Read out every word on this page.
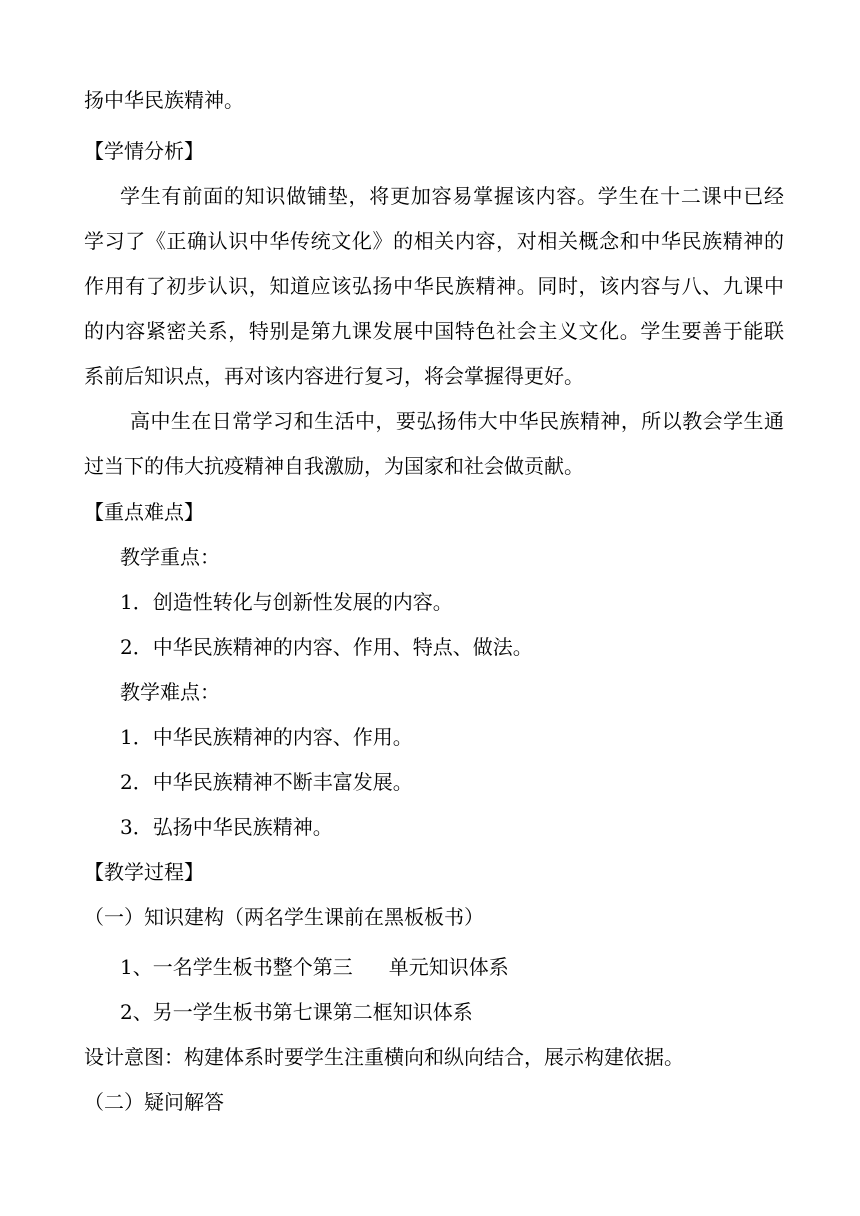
扬中华民族精神。
【学情分析】
学生有前面的知识做铺垫，将更加容易掌握该内容。学生在十二课中已经
学习了《正确认识中华传统文化》的相关内容，对相关概念和中华民族精神的
作用有了初步认识，知道应该弘扬中华民族精神。同时，该内容与八、九课中
的内容紧密关系，特别是第九课发展中国特色社会主义文化。学生要善于能联
系前后知识点，再对该内容进行复习，将会掌握得更好。
高中生在日常学习和生活中，要弘扬伟大中华民族精神，所以教会学生通
过当下的伟大抗疫精神自我激励，为国家和社会做贡献。
【重点难点】
教学重点：
1．创造性转化与创新性发展的内容。
2．中华民族精神的内容、作用、特点、做法。
教学难点：
1．中华民族精神的内容、作用。
2．中华民族精神不断丰富发展。
3．弘扬中华民族精神。
【教学过程】
（一）知识建构（两名学生课前在黑板板书）
1、一名学生板书整个第三 单元知识体系
2、另一学生板书第七课第二框知识体系
设计意图：构建体系时要学生注重横向和纵向结合，展示构建依据。
（二）疑问解答
